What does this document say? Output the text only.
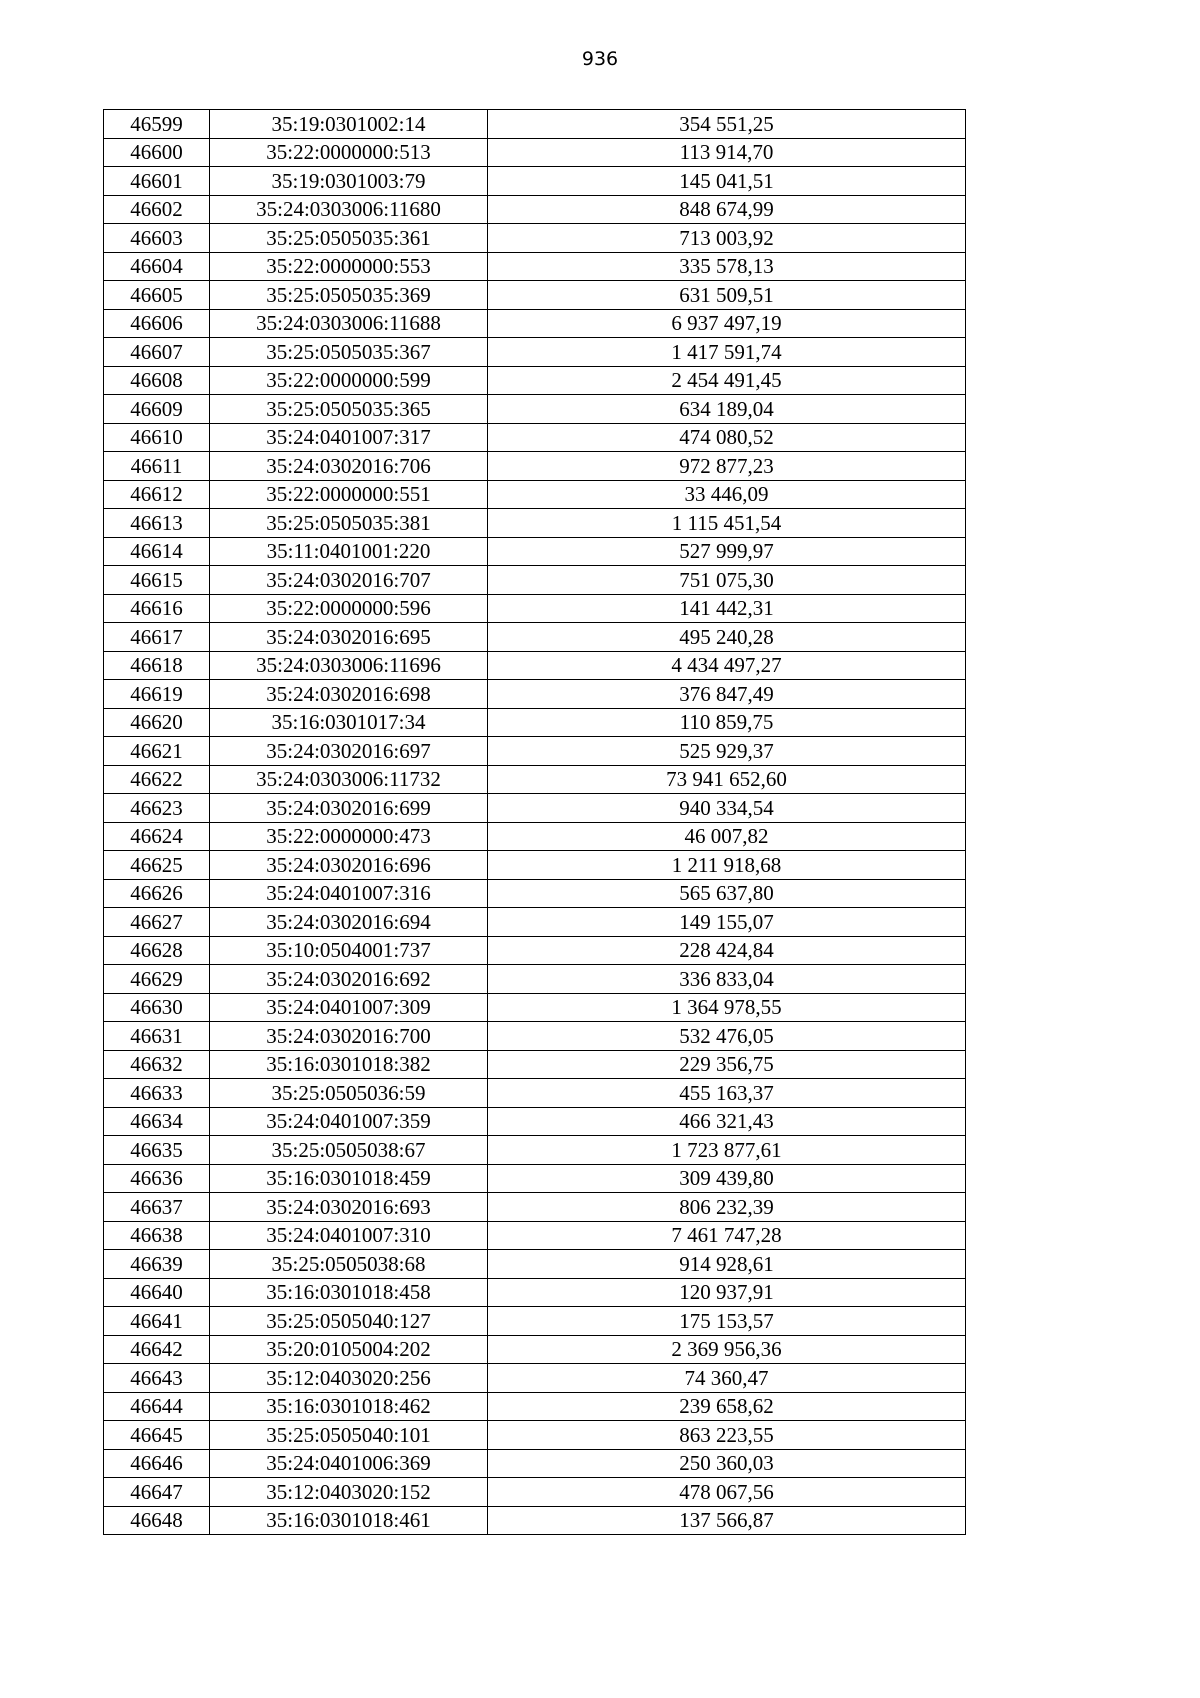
936
46599	35:19:0301002:14	354 551,25
46600	35:22:0000000:513	113 914,70
46601	35:19:0301003:79	145 041,51
46602	35:24:0303006:11680	848 674,99
46603	35:25:0505035:361	713 003,92
46604	35:22:0000000:553	335 578,13
46605	35:25:0505035:369	631 509,51
46606	35:24:0303006:11688	6 937 497,19
46607	35:25:0505035:367	1 417 591,74
46608	35:22:0000000:599	2 454 491,45
46609	35:25:0505035:365	634 189,04
46610	35:24:0401007:317	474 080,52
46611	35:24:0302016:706	972 877,23
46612	35:22:0000000:551	33 446,09
46613	35:25:0505035:381	1 115 451,54
46614	35:11:0401001:220	527 999,97
46615	35:24:0302016:707	751 075,30
46616	35:22:0000000:596	141 442,31
46617	35:24:0302016:695	495 240,28
46618	35:24:0303006:11696	4 434 497,27
46619	35:24:0302016:698	376 847,49
46620	35:16:0301017:34	110 859,75
46621	35:24:0302016:697	525 929,37
46622	35:24:0303006:11732	73 941 652,60
46623	35:24:0302016:699	940 334,54
46624	35:22:0000000:473	46 007,82
46625	35:24:0302016:696	1 211 918,68
46626	35:24:0401007:316	565 637,80
46627	35:24:0302016:694	149 155,07
46628	35:10:0504001:737	228 424,84
46629	35:24:0302016:692	336 833,04
46630	35:24:0401007:309	1 364 978,55
46631	35:24:0302016:700	532 476,05
46632	35:16:0301018:382	229 356,75
46633	35:25:0505036:59	455 163,37
46634	35:24:0401007:359	466 321,43
46635	35:25:0505038:67	1 723 877,61
46636	35:16:0301018:459	309 439,80
46637	35:24:0302016:693	806 232,39
46638	35:24:0401007:310	7 461 747,28
46639	35:25:0505038:68	914 928,61
46640	35:16:0301018:458	120 937,91
46641	35:25:0505040:127	175 153,57
46642	35:20:0105004:202	2 369 956,36
46643	35:12:0403020:256	74 360,47
46644	35:16:0301018:462	239 658,62
46645	35:25:0505040:101	863 223,55
46646	35:24:0401006:369	250 360,03
46647	35:12:0403020:152	478 067,56
46648	35:16:0301018:461	137 566,87
